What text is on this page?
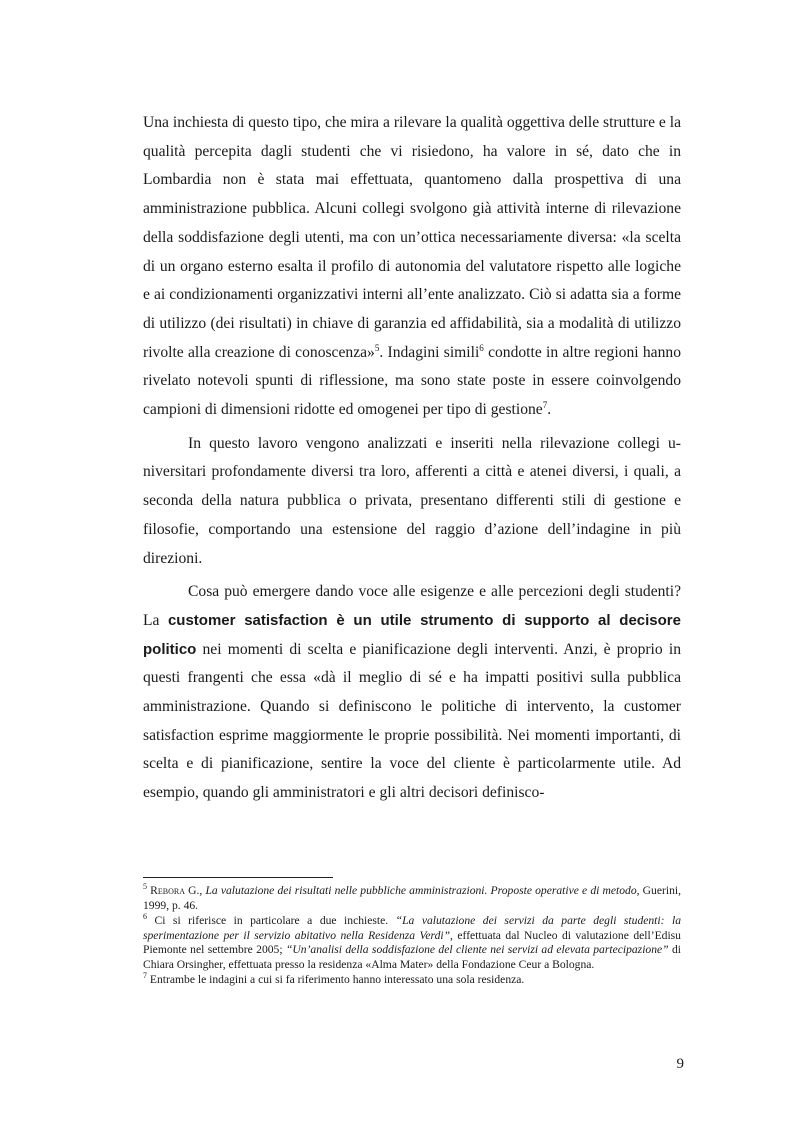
Una inchiesta di questo tipo, che mira a rilevare la qualità oggettiva delle strutture e la qualità percepita dagli studenti che vi risiedono, ha valore in sé, dato che in Lombardia non è stata mai effettuata, quantomeno dalla prospettiva di una amministrazione pubblica. Alcuni collegi svolgono già attività interne di rilevazione della soddisfazione degli utenti, ma con un’ottica necessariamente diversa: «la scelta di un organo esterno esalta il profilo di autonomia del valutatore rispetto alle logiche e ai condizionamenti organizzativi interni all’ente analizzato. Ciò si adatta sia a forme di utilizzo (dei risultati) in chiave di garanzia ed affidabilità, sia a modalità di utilizzo rivolte alla creazione di conoscenza»$^5$. Indagini simili$^6$ condotte in altre regioni hanno rivelato notevoli spunti di riflessione, ma sono state poste in essere coinvolgendo campioni di dimensioni ridotte ed omogenei per tipo di gestione$^7$.

In questo lavoro vengono analizzati e inseriti nella rilevazione collegi universitari profondamente diversi tra loro, afferenti a città e atenei diversi, i quali, a seconda della natura pubblica o privata, presentano differenti stili di gestione e filosofie, comportando una estensione del raggio d’azione dell’indagine in più direzioni.

Cosa può emergere dando voce alle esigenze e alle percezioni degli studenti? La customer satisfaction è un utile strumento di supporto al decisore politico nei momenti di scelta e pianificazione degli interventi. Anzi, è proprio in questi frangenti che essa «dà il meglio di sé e ha impatti positivi sulla pubblica amministrazione. Quando si definiscono le politiche di intervento, la customer satisfaction esprime maggiormente le proprie possibilità. Nei momenti importanti, di scelta e di pianificazione, sentire la voce del cliente è particolarmente utile. Ad esempio, quando gli amministratori e gli altri decisori definisco-

$^5$ Rebora G., La valutazione dei risultati nelle pubbliche amministrazioni. Proposte operative e di metodo, Guerini, 1999, p. 46.
$^6$ Ci si riferisce in particolare a due inchieste. “La valutazione dei servizi da parte degli studenti: la sperimentazione per il servizio abitativo nella Residenza Verdi”, effettuata dal Nucleo di valutazione dell’Edisu Piemonte nel settembre 2005; “Un’analisi della soddisfazione del cliente nei servizi ad elevata partecipazione” di Chiara Orsingher, effettuata presso la residenza «Alma Mater» della Fondazione Ceur a Bologna.
$^7$ Entrambe le indagini a cui si fa riferimento hanno interessato una sola residenza.
9
